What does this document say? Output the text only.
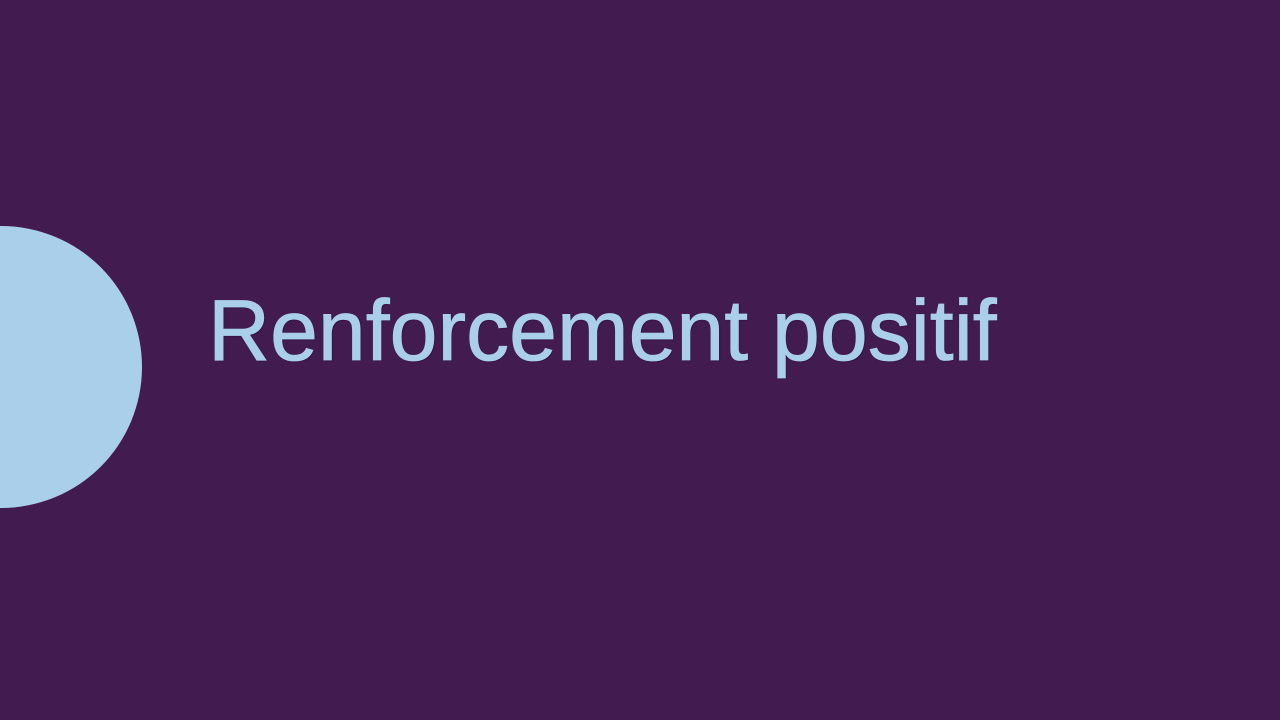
Renforcement positif
